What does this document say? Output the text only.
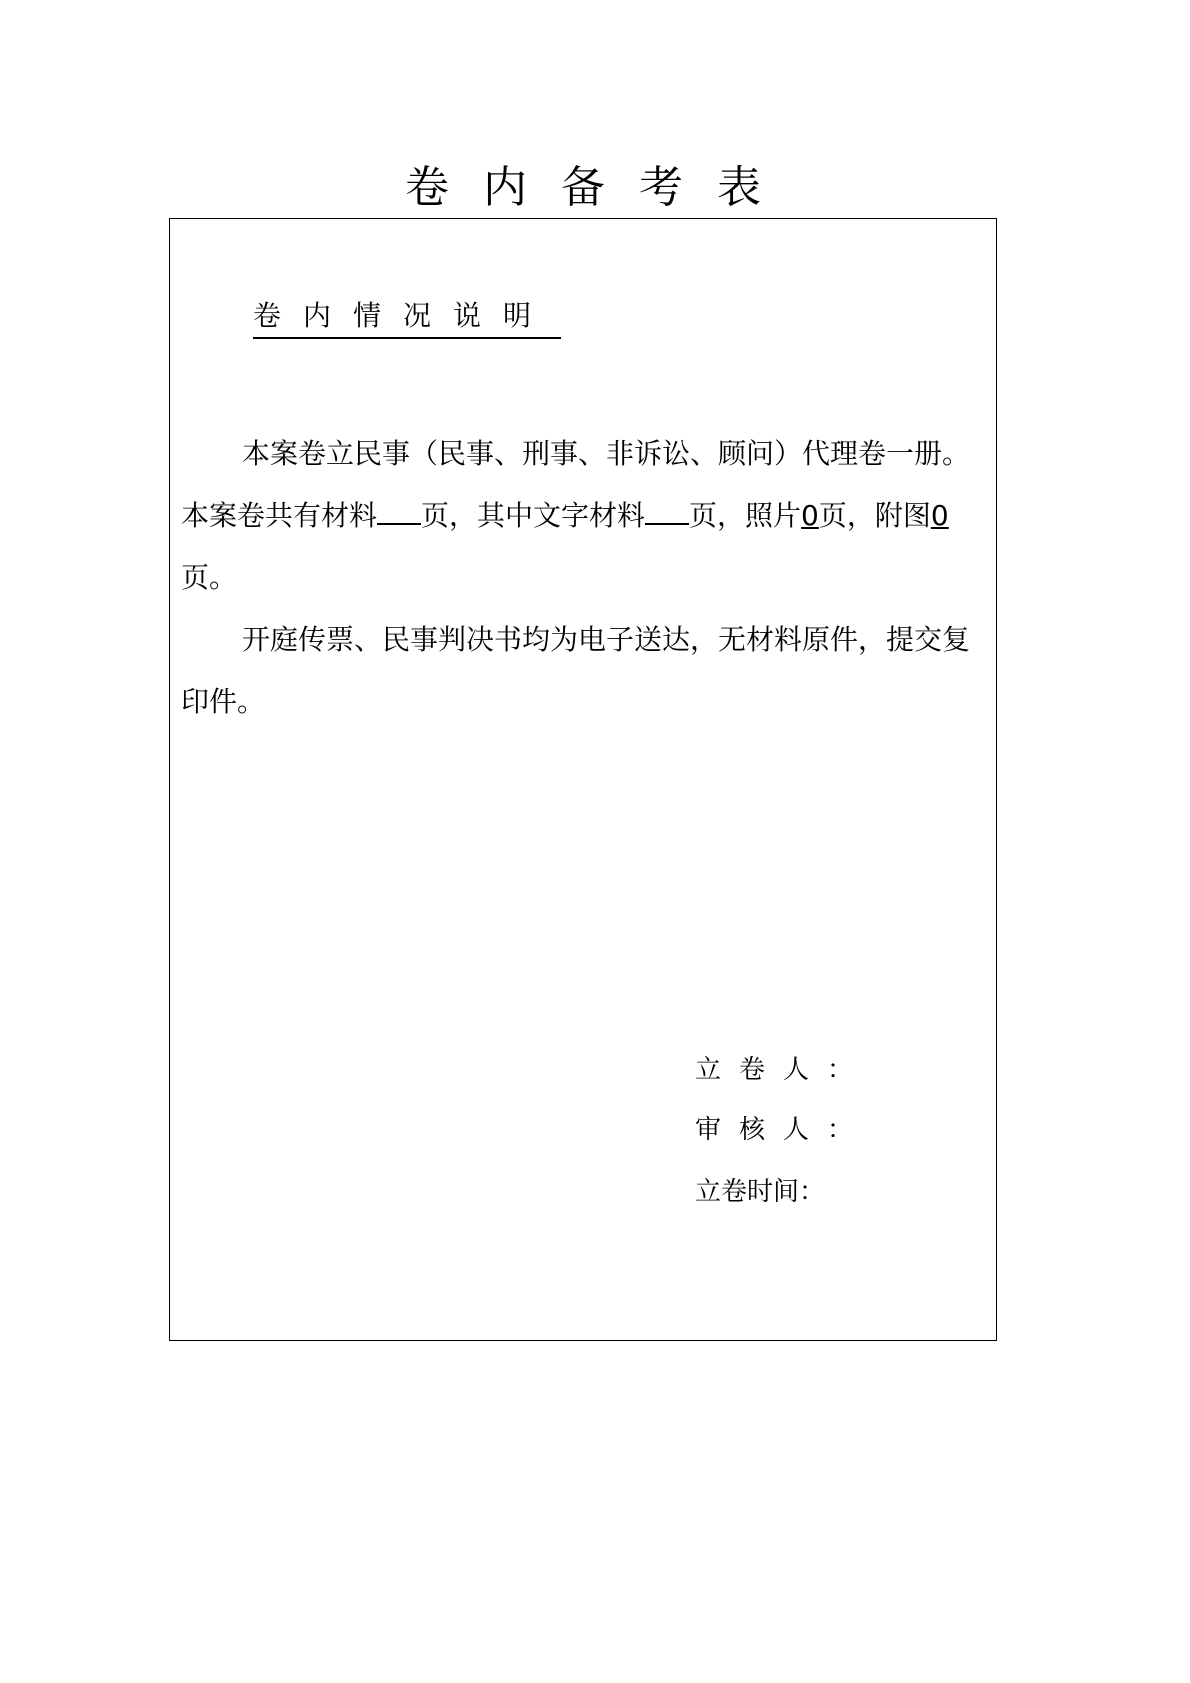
卷内备考表
卷内情况说明

本案卷立民事（民事、刑事、非诉讼、顾问）代理卷一册。本案卷共有材料 页，其中文字材料 页，照片0页，附图0页。

开庭传票、民事判决书均为电子送达，无材料原件，提交复印件。

立卷人：
审核人：
立卷时间：
